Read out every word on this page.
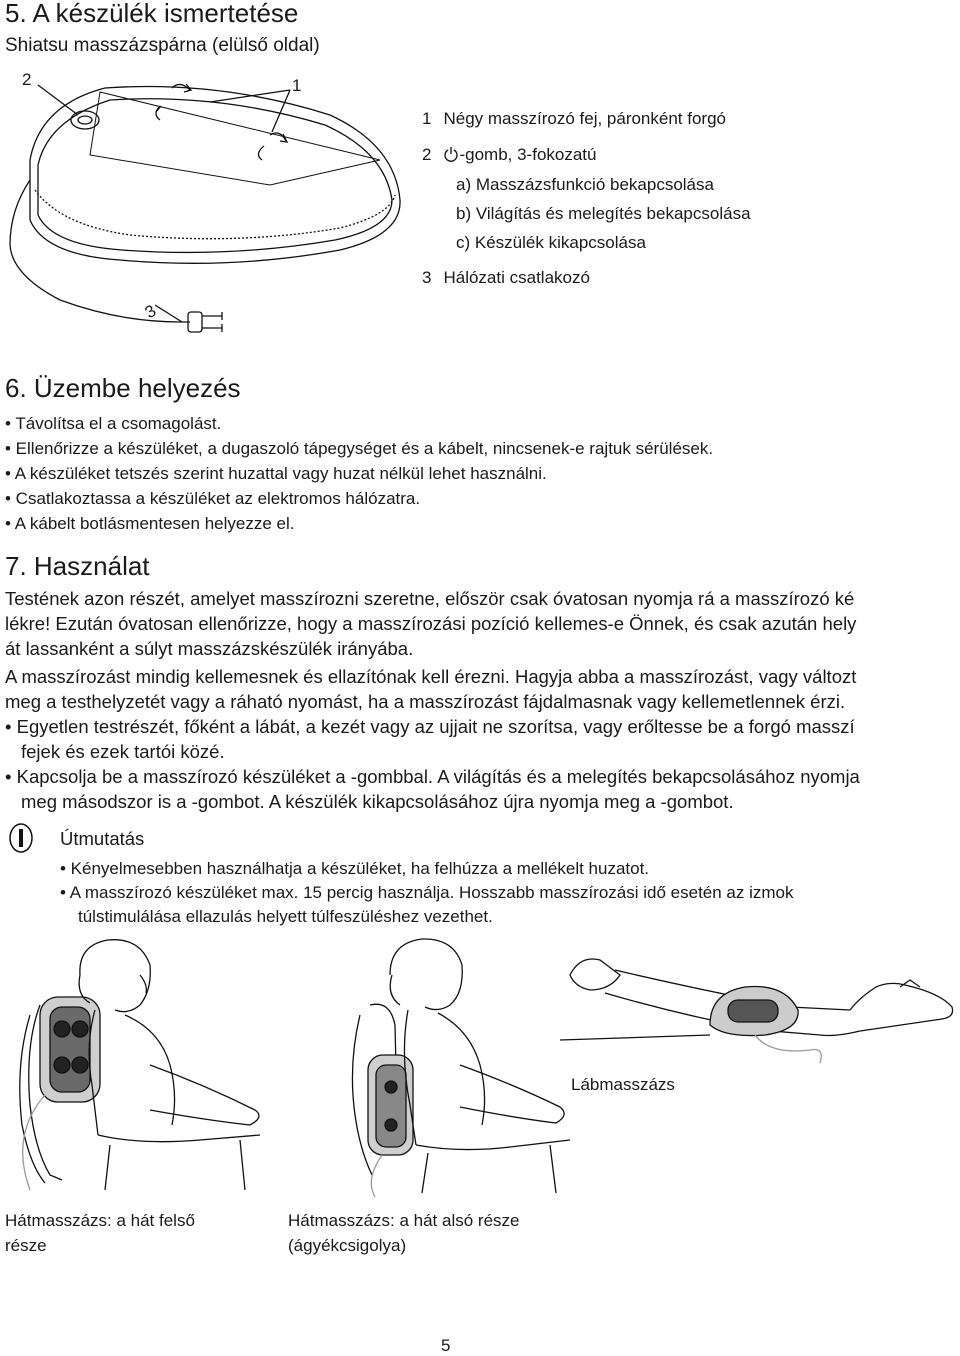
5. A készülék ismertetése
Shiatsu masszázspárna (elülső oldal)
2	1
3
1 Négy masszírozó fej, páronként forgó
2 -gomb, 3-fokozatú
a) Masszázsfunkció bekapcsolása
b) Világítás és melegítés bekapcsolása
c) Készülék kikapcsolása
3 Hálózati csatlakozó
6. Üzembe helyezés
• Távolítsa el a csomagolást.
• Ellenőrizze a készüléket, a dugaszoló tápegységet és a kábelt, nincsenek-e rajtuk sérülések.
• A készüléket tetszés szerint huzattal vagy huzat nélkül lehet használni.
• Csatlakoztassa a készüléket az elektromos hálózatra.
• A kábelt botlásmentesen helyezze el.
7. Használat
Testének azon részét, amelyet masszírozni szeretne, először csak óvatosan nyomja rá a masszírozó ké
lékre! Ezután óvatosan ellenőrizze, hogy a masszírozási pozíció kellemes-e Önnek, és csak azután hely
át lassanként a súlyt masszázskészülék irányába.
A masszírozást mindig kellemesnek és ellazítónak kell érezni. Hagyja abba a masszírozást, vagy változt
meg a testhelyzetét vagy a ráható nyomást, ha a masszírozást fájdalmasnak vagy kellemetlennek érzi.
• Egyetlen testrészét, főként a lábát, a kezét vagy az ujjait ne szorítsa, vagy erőltesse be a forgó masszí
fejek és ezek tartói közé.
• Kapcsolja be a masszírozó készüléket a -gombbal. A világítás és a melegítés bekapcsolásához nyomja
meg másodszor is a -gombot. A készülék kikapcsolásához újra nyomja meg a -gombot.
Útmutatás
• Kényelmesebben használhatja a készüléket, ha felhúzza a mellékelt huzatot.
• A masszírozó készüléket max. 15 percig használja. Hosszabb masszírozási idő esetén az izmok
túlstimulálása ellazulás helyett túlfeszüléshez vezethet.
Hátmasszázs: a hát felső
része
Hátmasszázs: a hát alsó része
(ágyékcsigolya)
Lábmasszázs
5
